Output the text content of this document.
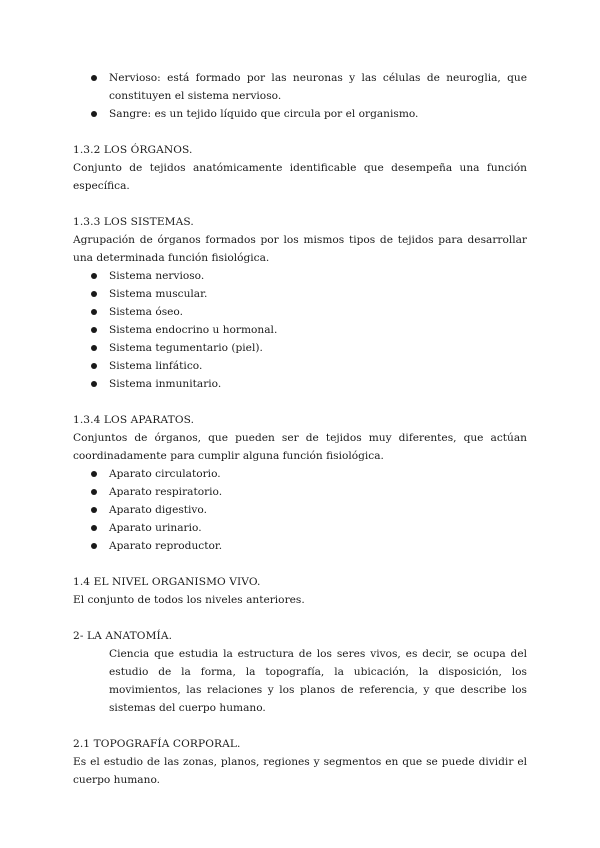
Nervioso: está formado por las neuronas y las células de neuroglia, que constituyen el sistema nervioso.
Sangre: es un tejido líquido que circula por el organismo.
1.3.2 LOS ÓRGANOS.

Conjunto de tejidos anatómicamente identificable que desempeña una función específica.

1.3.3 LOS SISTEMAS.

Agrupación de órganos formados por los mismos tipos de tejidos para desarrollar una determinada función fisiológica.

Sistema nervioso.
Sistema muscular.
Sistema óseo.
Sistema endocrino u hormonal.
Sistema tegumentario (piel).
Sistema linfático.
Sistema inmunitario.
1.3.4 LOS APARATOS.

Conjuntos de órganos, que pueden ser de tejidos muy diferentes, que actúan coordinadamente para cumplir alguna función fisiológica.

Aparato circulatorio.
Aparato respiratorio.
Aparato digestivo.
Aparato urinario.
Aparato reproductor.
1.4 EL NIVEL ORGANISMO VIVO.

El conjunto de todos los niveles anteriores.

2- LA ANATOMÍA.

Ciencia que estudia la estructura de los seres vivos, es decir, se ocupa del estudio de la forma, la topografía, la ubicación, la disposición, los movimientos, las relaciones y los planos de referencia, y que describe los sistemas del cuerpo humano.

2.1 TOPOGRAFÍA CORPORAL.

Es el estudio de las zonas, planos, regiones y segmentos en que se puede dividir el cuerpo humano.
